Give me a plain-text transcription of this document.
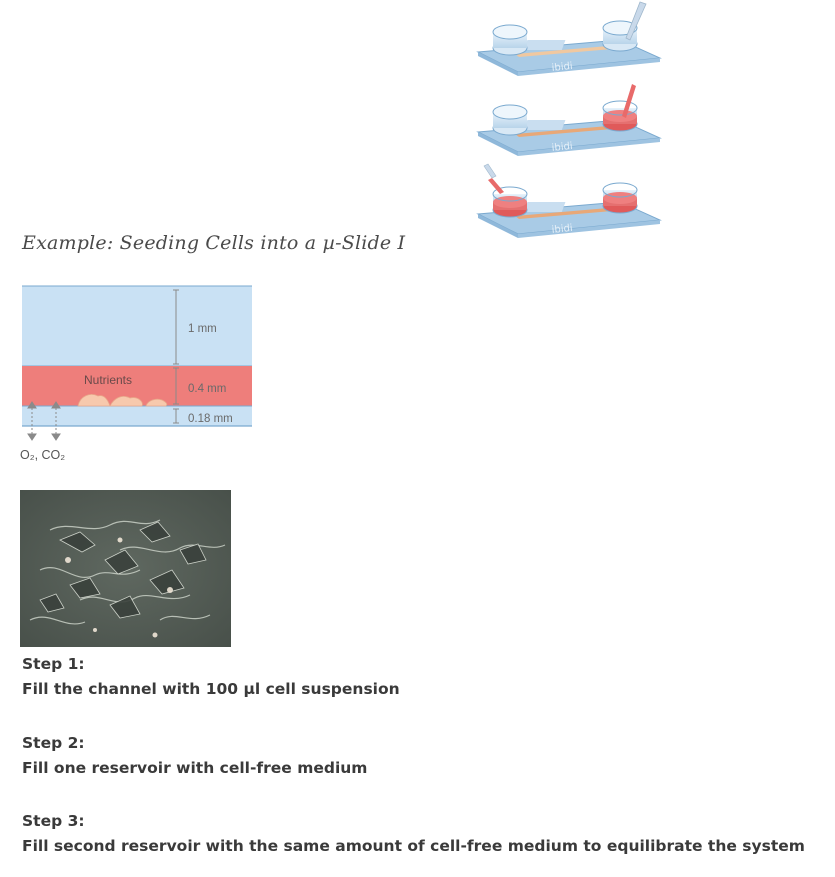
ibidi
ibidi
ibidi
Example: Seeding Cells into a µ-Slide I
1 mm
0.4 mm
0.18 mm
Nutrients
O₂, CO₂
Step 1:
Fill the channel with 100 µl cell suspension
Step 2:
Fill one reservoir with cell-free medium
Step 3:
Fill second reservoir with the same amount of cell-free medium to equilibrate the system
